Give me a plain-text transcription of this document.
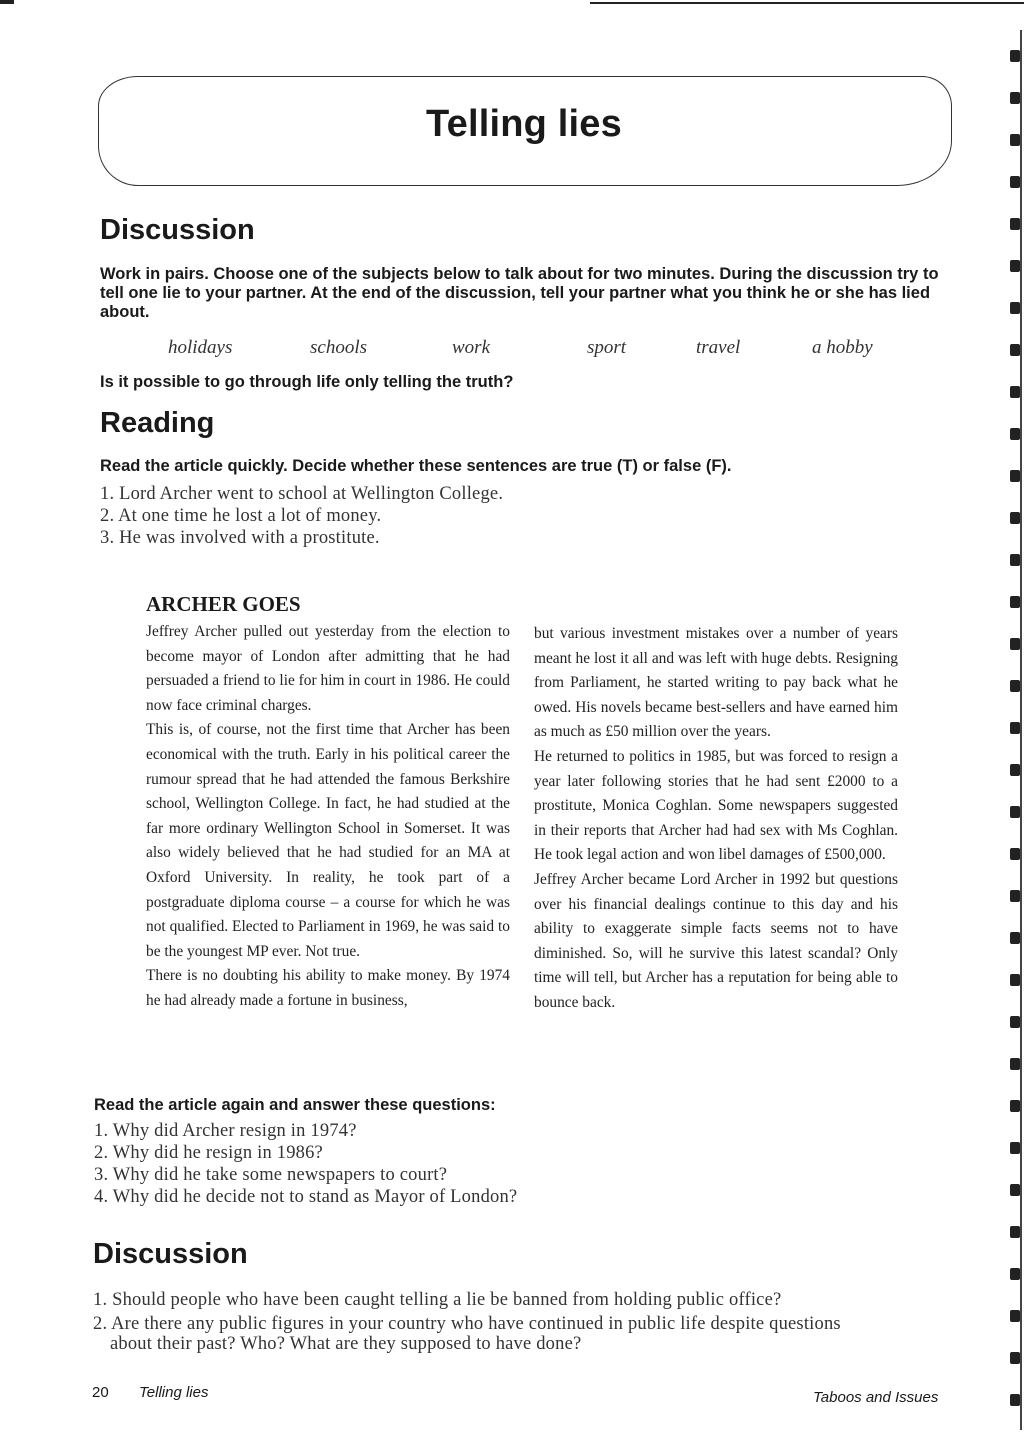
Telling lies
Discussion
Work in pairs. Choose one of the subjects below to talk about for two minutes. During the discussion try to tell one lie to your partner. At the end of the discussion, tell your partner what you think he or she has lied about.
holidays	schools	work	sport	travel	a hobby
Is it possible to go through life only telling the truth?
Reading
Read the article quickly. Decide whether these sentences are true (T) or false (F).
1. Lord Archer went to school at Wellington College.
2. At one time he lost a lot of money.
3. He was involved with a prostitute.
ARCHER GOES

Jeffrey Archer pulled out yesterday from the election to become mayor of London after admitting that he had persuaded a friend to lie for him in court in 1986. He could now face criminal charges.

This is, of course, not the first time that Archer has been economical with the truth. Early in his political career the rumour spread that he had attended the famous Berkshire school, Wellington College. In fact, he had studied at the far more ordinary Wellington School in Somerset. It was also widely believed that he had studied for an MA at Oxford University. In reality, he took part of a postgraduate diploma course – a course for which he was not qualified. Elected to Parliament in 1969, he was said to be the youngest MP ever. Not true.

There is no doubting his ability to make money. By 1974 he had already made a fortune in business,

but various investment mistakes over a number of years meant he lost it all and was left with huge debts. Resigning from Parliament, he started writing to pay back what he owed. His novels became best-sellers and have earned him as much as £50 million over the years.

He returned to politics in 1985, but was forced to resign a year later following stories that he had sent £2000 to a prostitute, Monica Coghlan. Some newspapers suggested in their reports that Archer had had sex with Ms Coghlan. He took legal action and won libel damages of £500,000.

Jeffrey Archer became Lord Archer in 1992 but questions over his financial dealings continue to this day and his ability to exaggerate simple facts seems not to have diminished. So, will he survive this latest scandal? Only time will tell, but Archer has a reputation for being able to bounce back.

Read the article again and answer these questions:
1. Why did Archer resign in 1974?
2. Why did he resign in 1986?
3. Why did he take some newspapers to court?
4. Why did he decide not to stand as Mayor of London?
Discussion
1. Should people who have been caught telling a lie be banned from holding public office?
2. Are there any public figures in your country who have continued in public life despite questions
about their past? Who? What are they supposed to have done?
20 Telling lies	Taboos and Issues
